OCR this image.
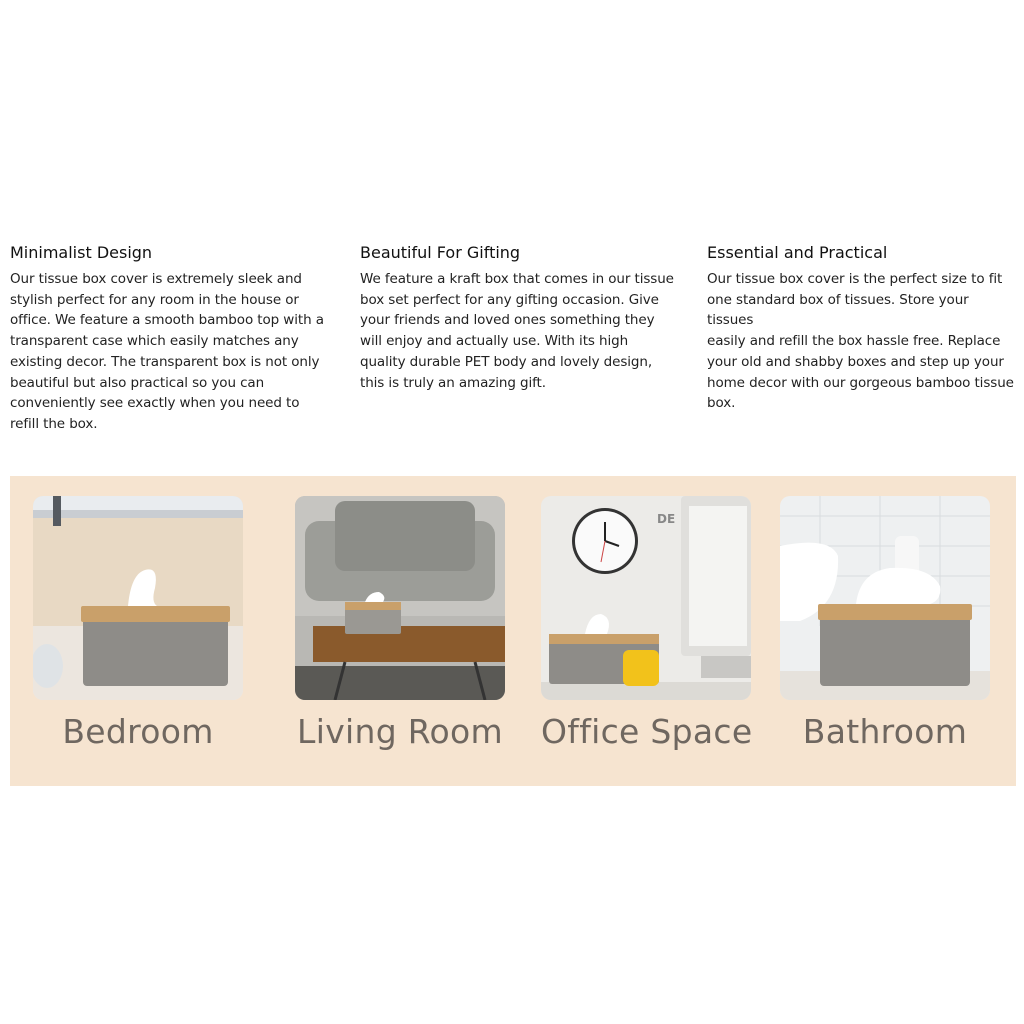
Minimalist Design

Our tissue box cover is extremely sleek and
stylish perfect for any room in the house or
office. We feature a smooth bamboo top with a
transparent case which easily matches any
existing decor. The transparent box is not only
beautiful but also practical so you can
conveniently see exactly when you need to
refill the box.

Beautiful For Gifting

We feature a kraft box that comes in our tissue
box set perfect for any gifting occasion. Give
your friends and loved ones something they
will enjoy and actually use. With its high
quality durable PET body and lovely design,
this is truly an amazing gift.

Essential and Practical

Our tissue box cover is the perfect size to fit
one standard box of tissues. Store your tissues
easily and refill the box hassle free. Replace
your old and shabby boxes and step up your
home decor with our gorgeous bamboo tissue
box.

Bedroom	Living Room
DE
Office Space	Bathroom
